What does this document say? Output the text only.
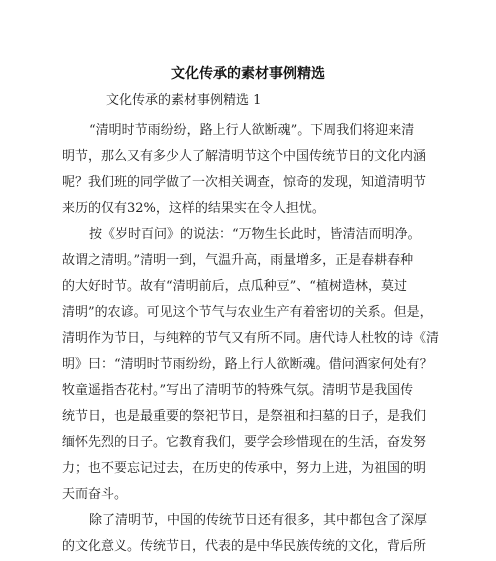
文化传承的素材事例精选
文化传承的素材事例精选 1
“清明时节雨纷纷，路上行人欲断魂”。下周我们将迎来清
明节，那么又有多少人了解清明节这个中国传统节日的文化内涵
呢？我们班的同学做了一次相关调查，惊奇的发现，知道清明节
来历的仅有32%，这样的结果实在令人担忧。
按《岁时百问》的说法：“万物生长此时，皆清洁而明净。
故谓之清明。”清明一到，气温升高，雨量增多，正是春耕春种
的大好时节。故有“清明前后，点瓜种豆”、“植树造林，莫过
清明”的农谚。可见这个节气与农业生产有着密切的关系。但是，
清明作为节日，与纯粹的节气又有所不同。唐代诗人杜牧的诗《清
明》曰：“清明时节雨纷纷，路上行人欲断魂。借问酒家何处有？
牧童遥指杏花村。”写出了清明节的特殊气氛。清明节是我国传
统节日，也是最重要的祭祀节日，是祭祖和扫墓的日子，是我们
缅怀先烈的日子。它教育我们，要学会珍惜现在的生活，奋发努
力；也不要忘记过去，在历史的传承中，努力上进，为祖国的明
天而奋斗。
除了清明节，中国的传统节日还有很多，其中都包含了深厚
的文化意义。传统节日，代表的是中华民族传统的文化，背后所
